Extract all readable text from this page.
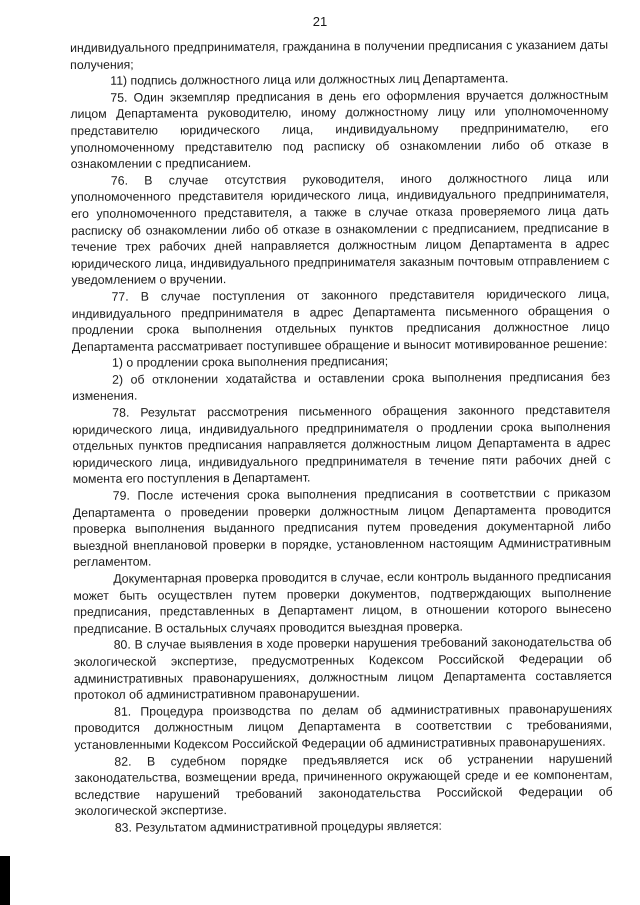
21

индивидуального предпринимателя, гражданина в получении предписания с указанием даты получения;

11) подпись должностного лица или должностных лиц Департамента.

75. Один экземпляр предписания в день его оформления вручается должностным лицом Департамента руководителю, иному должностному лицу или уполномоченному представителю юридического лица, индивидуальному предпринимателю, его уполномоченному представителю под расписку об ознакомлении либо об отказе в ознакомлении с предписанием.

76. В случае отсутствия руководителя, иного должностного лица или уполномоченного представителя юридического лица, индивидуального предпринимателя, его уполномоченного представителя, а также в случае отказа проверяемого лица дать расписку об ознакомлении либо об отказе в ознакомлении с предписанием, предписание в течение трех рабочих дней направляется должностным лицом Департамента в адрес юридического лица, индивидуального предпринимателя заказным почтовым отправлением с уведомлением о вручении.

77. В случае поступления от законного представителя юридического лица, индивидуального предпринимателя в адрес Департамента письменного обращения о продлении срока выполнения отдельных пунктов предписания должностное лицо Департамента рассматривает поступившее обращение и выносит мотивированное решение:

1) о продлении срока выполнения предписания;

2) об отклонении ходатайства и оставлении срока выполнения предписания без изменения.

78. Результат рассмотрения письменного обращения законного представителя юридического лица, индивидуального предпринимателя о продлении срока выполнения отдельных пунктов предписания направляется должностным лицом Департамента в адрес юридического лица, индивидуального предпринимателя в течение пяти рабочих дней с момента его поступления в Департамент.

79. После истечения срока выполнения предписания в соответствии с приказом Департамента о проведении проверки должностным лицом Департамента проводится проверка выполнения выданного предписания путем проведения документарной либо выездной внеплановой проверки в порядке, установленном настоящим Административным регламентом.

Документарная проверка проводится в случае, если контроль выданного предписания может быть осуществлен путем проверки документов, подтверждающих выполнение предписания, представленных в Департамент лицом, в отношении которого вынесено предписание. В остальных случаях проводится выездная проверка.

80. В случае выявления в ходе проверки нарушения требований законодательства об экологической экспертизе, предусмотренных Кодексом Российской Федерации об административных правонарушениях, должностным лицом Департамента составляется протокол об административном правонарушении.

81. Процедура производства по делам об административных правонарушениях проводится должностным лицом Департамента в соответствии с требованиями, установленными Кодексом Российской Федерации об административных правонарушениях.

82. В судебном порядке предъявляется иск об устранении нарушений законодательства, возмещении вреда, причиненного окружающей среде и ее компонентам, вследствие нарушений требований законодательства Российской Федерации об экологической экспертизе.

83. Результатом административной процедуры является:
